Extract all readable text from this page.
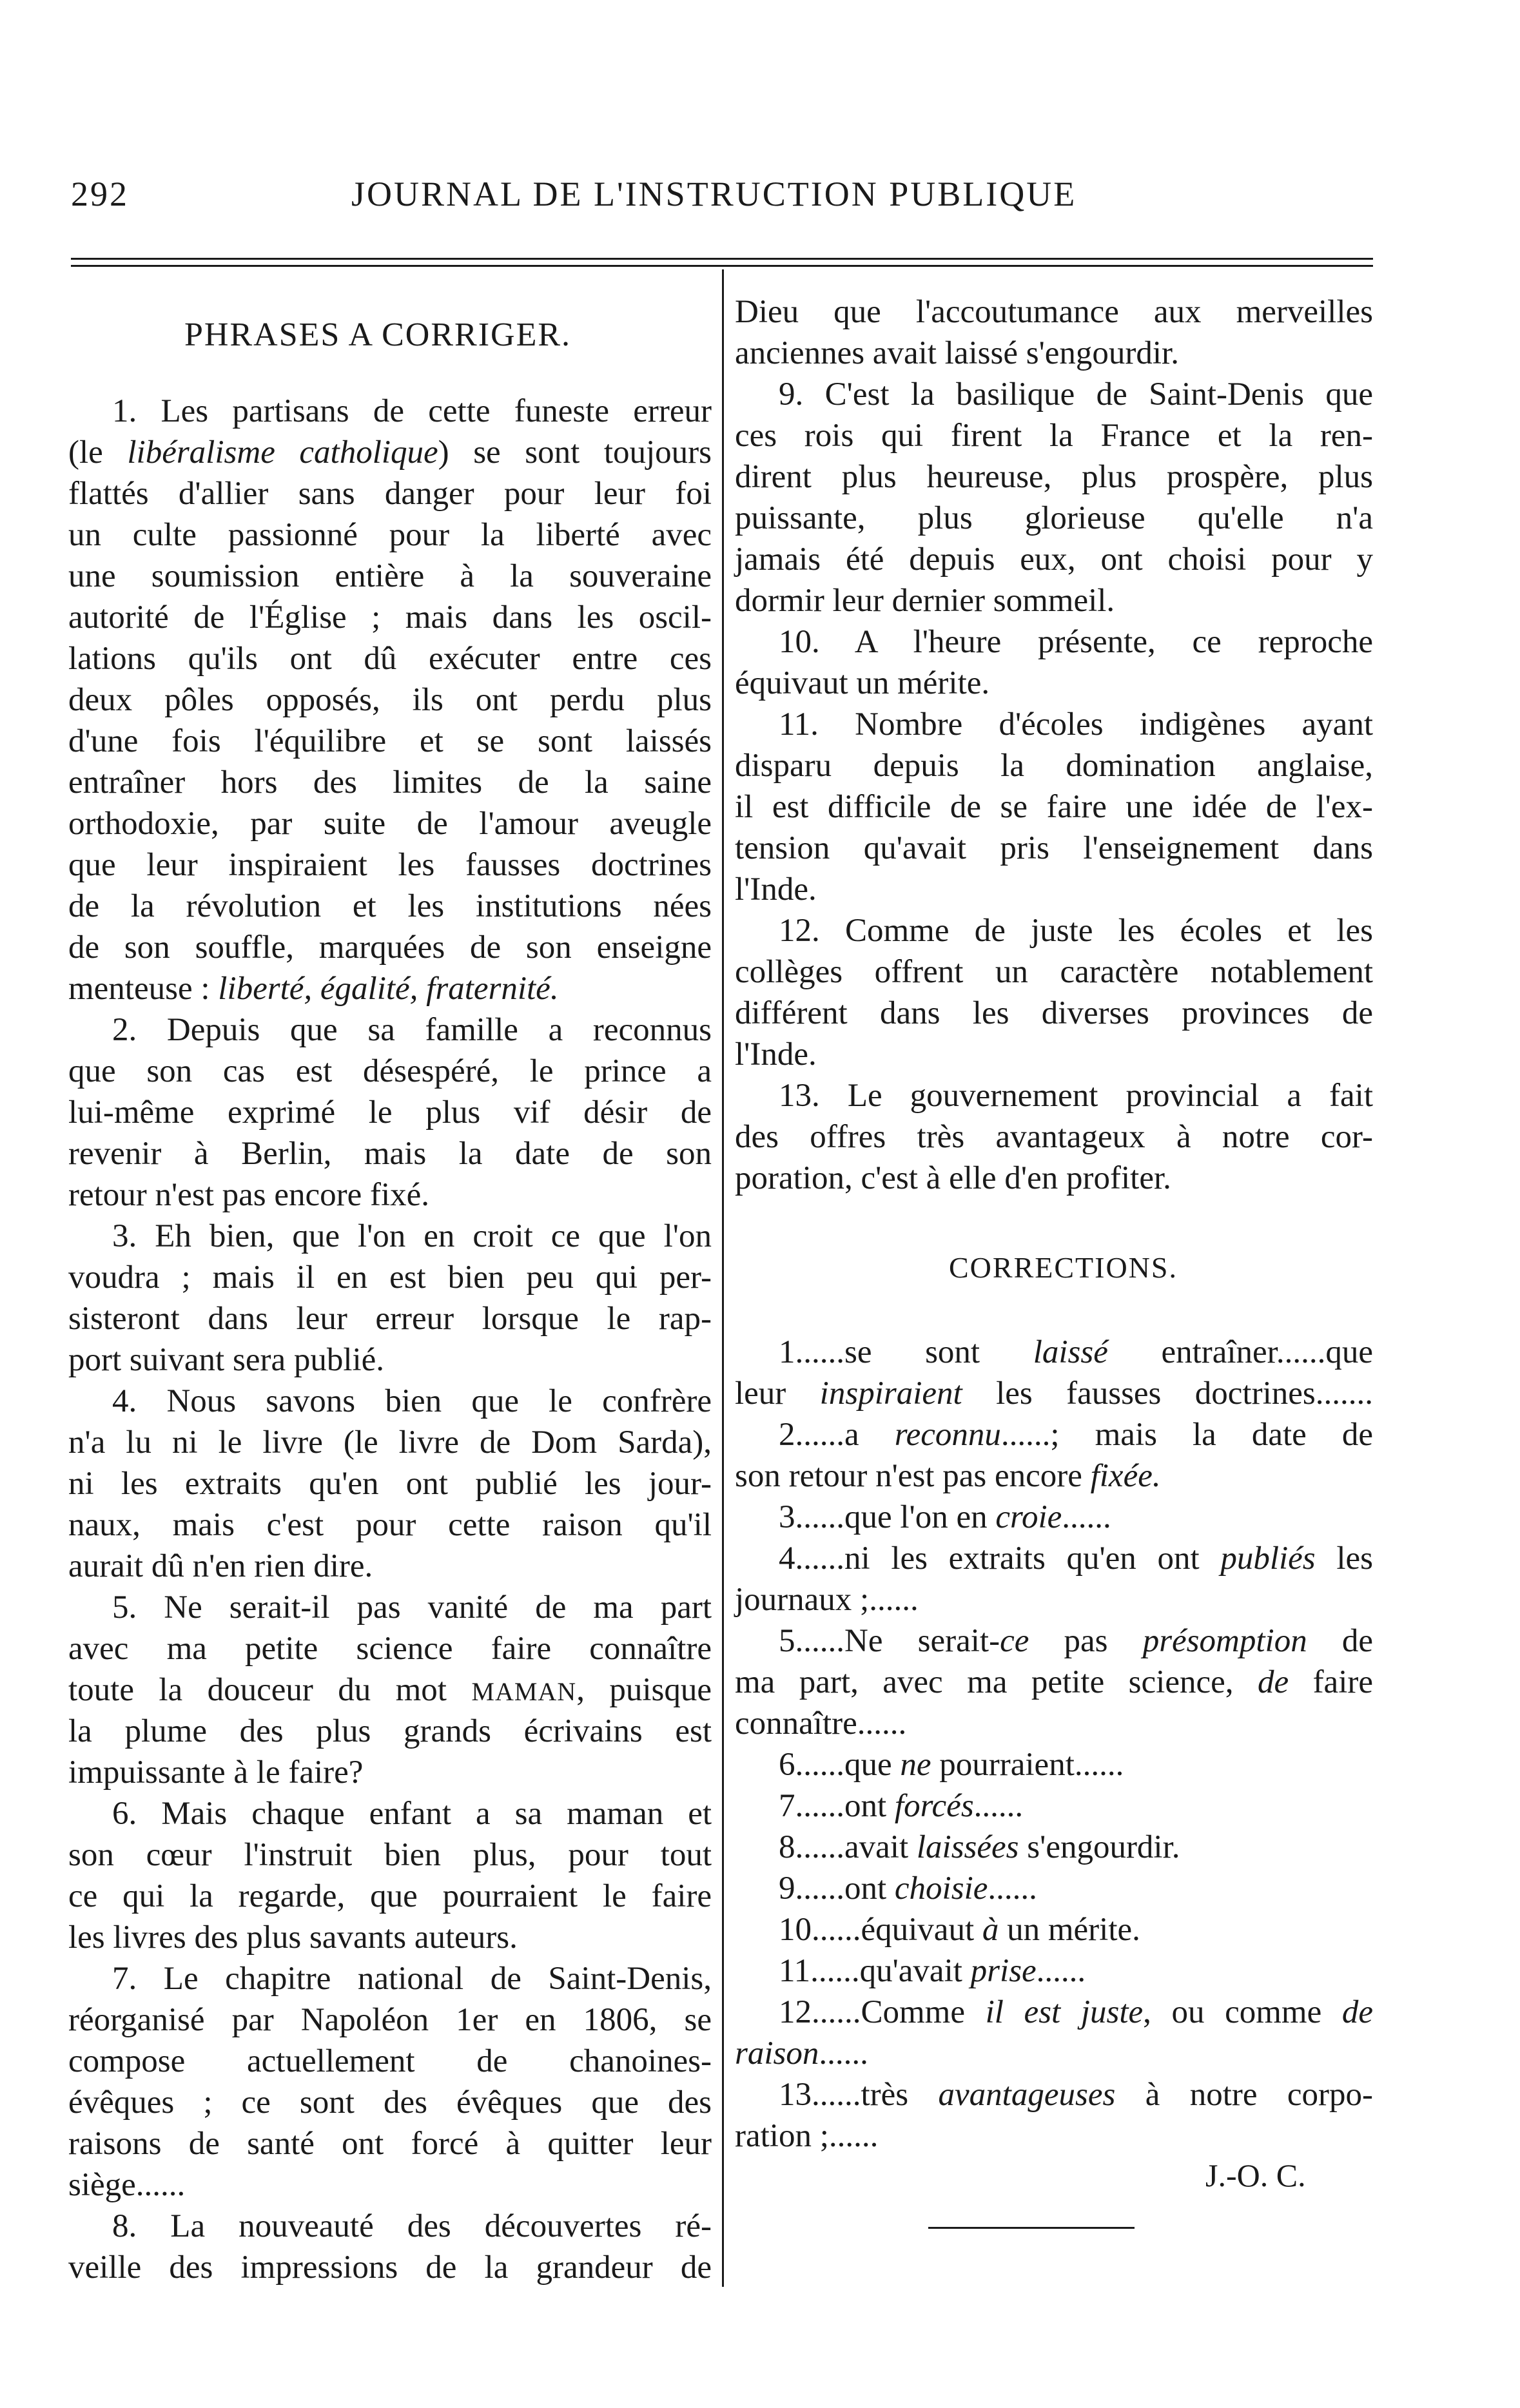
292	JOURNAL DE L'INSTRUCTION PUBLIQUE
PHRASES A CORRIGER.
1. Les partisans de cette funeste erreur
(le libéralisme catholique) se sont toujours
flattés d'allier sans danger pour leur foi
un culte passionné pour la liberté avec
une soumission entière à la souveraine
autorité de l'Église ; mais dans les oscil-
lations qu'ils ont dû exécuter entre ces
deux pôles opposés, ils ont perdu plus
d'une fois l'équilibre et se sont laissés
entraîner hors des limites de la saine
orthodoxie, par suite de l'amour aveugle
que leur inspiraient les fausses doctrines
de la révolution et les institutions nées
de son souffle, marquées de son enseigne
menteuse : liberté, égalité, fraternité.
2. Depuis que sa famille a reconnus
que son cas est désespéré, le prince a
lui-même exprimé le plus vif désir de
revenir à Berlin, mais la date de son
retour n'est pas encore fixé.
3. Eh bien, que l'on en croit ce que l'on
voudra ; mais il en est bien peu qui per-
sisteront dans leur erreur lorsque le rap-
port suivant sera publié.
4. Nous savons bien que le confrère
n'a lu ni le livre (le livre de Dom Sarda),
ni les extraits qu'en ont publié les jour-
naux, mais c'est pour cette raison qu'il
aurait dû n'en rien dire.
5. Ne serait-il pas vanité de ma part
avec ma petite science faire connaître
toute la douceur du mot MAMAN, puisque
la plume des plus grands écrivains est
impuissante à le faire?
6. Mais chaque enfant a sa maman et
son cœur l'instruit bien plus, pour tout
ce qui la regarde, que pourraient le faire
les livres des plus savants auteurs.
7. Le chapitre national de Saint-Denis,
réorganisé par Napoléon 1er en 1806, se
compose actuellement de chanoines-
évêques ; ce sont des évêques que des
raisons de santé ont forcé à quitter leur
siège......
8. La nouveauté des découvertes ré-
veille des impressions de la grandeur de
Dieu que l'accoutumance aux merveilles
anciennes avait laissé s'engourdir.
9. C'est la basilique de Saint-Denis que
ces rois qui firent la France et la ren-
dirent plus heureuse, plus prospère, plus
puissante, plus glorieuse qu'elle n'a
jamais été depuis eux, ont choisi pour y
dormir leur dernier sommeil.
10. A l'heure présente, ce reproche
équivaut un mérite.
11. Nombre d'écoles indigènes ayant
disparu depuis la domination anglaise,
il est difficile de se faire une idée de l'ex-
tension qu'avait pris l'enseignement dans
l'Inde.
12. Comme de juste les écoles et les
collèges offrent un caractère notablement
différent dans les diverses provinces de
l'Inde.
13. Le gouvernement provincial a fait
des offres très avantageux à notre cor-
poration, c'est à elle d'en profiter.
CORRECTIONS.
1......se sont laissé entraîner......que
leur inspiraient les fausses doctrines.......
2......a reconnu......; mais la date de
son retour n'est pas encore fixée.
3......que l'on en croie......
4......ni les extraits qu'en ont publiés les
journaux ;......
5......Ne serait-ce pas présomption de
ma part, avec ma petite science, de faire
connaître......
6......que ne pourraient......
7......ont forcés......
8......avait laissées s'engourdir.
9......ont choisie......
10......équivaut à un mérite.
11......qu'avait prise......
12......Comme il est juste, ou comme de
raison......
13......très avantageuses à notre corpo-
ration ;......
J.-O. C.
